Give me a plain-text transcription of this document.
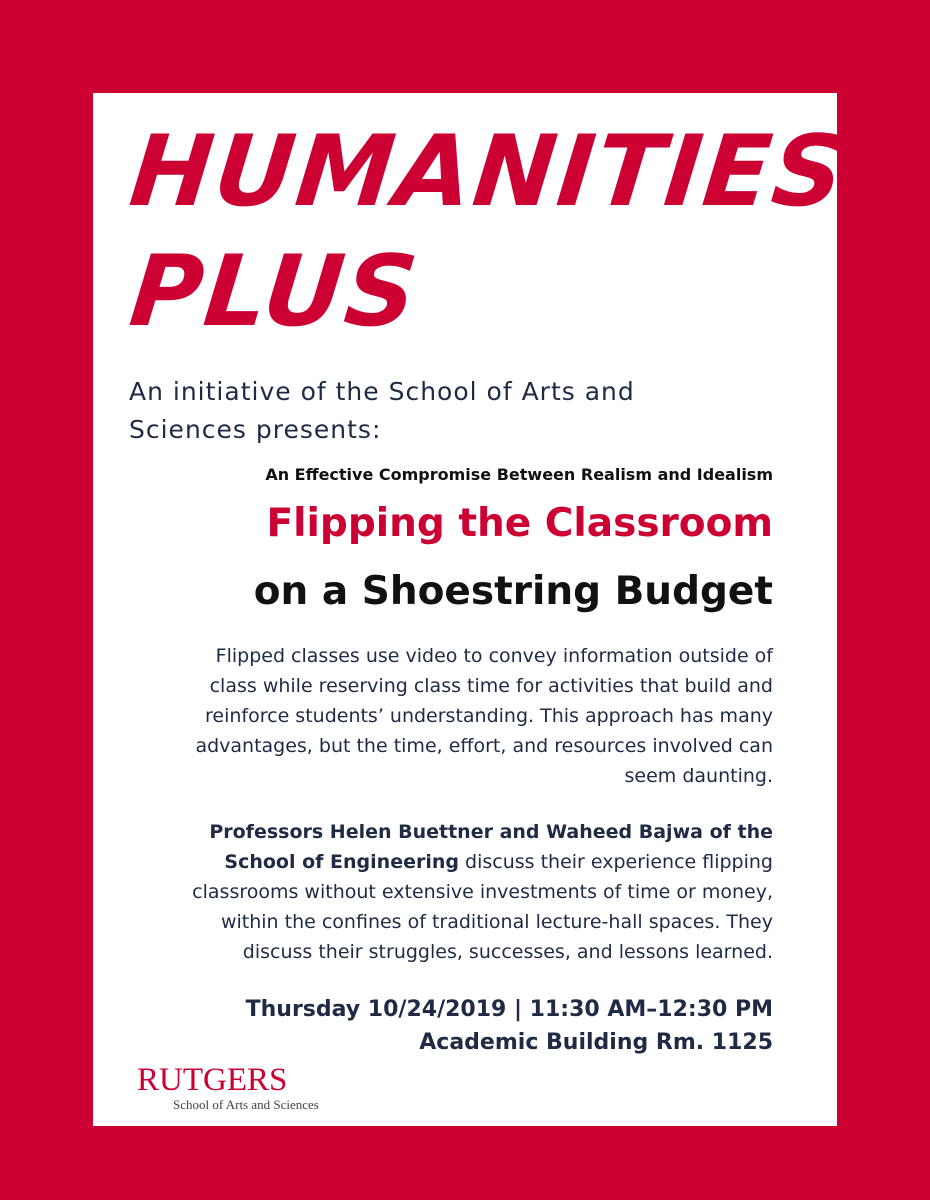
HUMANITIES
PLUS

An initiative of the School of Arts and
Sciences presents:

An Effective Compromise Between Realism and Idealism

Flipping the Classroom
on a Shoestring Budget

Flipped classes use video to convey information outside of
class while reserving class time for activities that build and
reinforce students’ understanding. This approach has many
advantages, but the time, effort, and resources involved can
seem daunting.

Professors Helen Buettner and Waheed Bajwa of the
School of Engineering discuss their experience flipping
classrooms without extensive investments of time or money,
within the confines of traditional lecture-hall spaces. They
discuss their struggles, successes, and lessons learned.

Thursday 10/24/2019 | 11:30 AM–12:30 PM

Academic Building Rm. 1125

RUTGERS
School of Arts and Sciences
